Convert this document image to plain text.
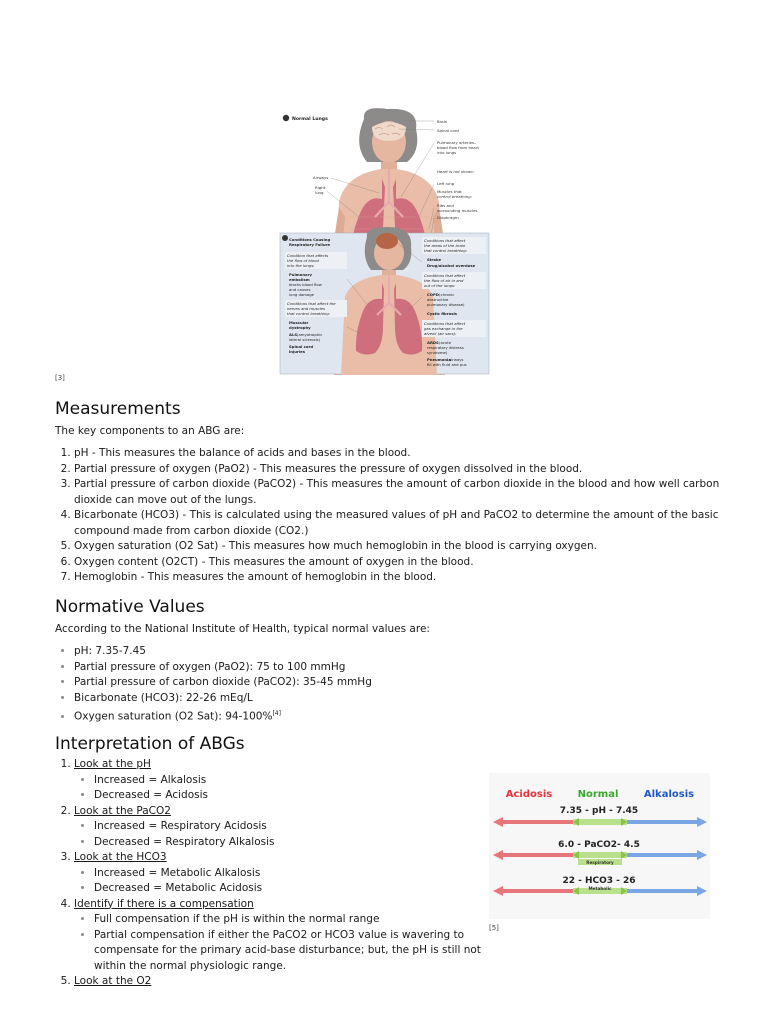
Normal Lungs	Brain
Spinal cord
Pulmonary arteries–
blood flow from heart
into lungs
Heart is not shown
Airways
Right
lung
Left lung
Muscles that
control breathing:
Ribs and
surrounding muscles
Diaphragm
Conditions Causing
Respiratory Failure
Condition that affects
the flow of blood
into the lungs:
Pulmonary
embolism
blocks blood flow
and causes
lung damage
Conditions that affect the
nerves and muscles
that control breathing:
Muscular
dystrophy
ALS (amyotrophic
lateral sclerosis)
Spinal cord
injuries
Conditions that affect
the areas of the brain
that control breathing:
Stroke
Drug/alcohol overdose
Conditions that affect
the flow of air in and
out of the lungs:
COPD (chronic
obstructive
pulmonary disease)
Cystic fibrosis
Conditions that affect
gas exchange in the
alveoli (air sacs):
ARDS (acute
respiratory distress
syndrome)
Pneumonia
–airways
fill with fluid and pus
[3]
Measurements

The key components to an ABG are:

1. pH - This measures the balance of acids and bases in the blood.
2. Partial pressure of oxygen (PaO2) - This measures the pressure of oxygen dissolved in the blood.
3. Partial pressure of carbon dioxide (PaCO2) - This measures the amount of carbon dioxide in the blood and how well carbon dioxide can move out of the lungs.
4. Bicarbonate (HCO3) - This is calculated using the measured values of pH and PaCO2 to determine the amount of the basic compound made from carbon dioxide (CO2.)
5. Oxygen saturation (O2 Sat) - This measures how much hemoglobin in the blood is carrying oxygen.
6. Oxygen content (O2CT) - This measures the amount of oxygen in the blood.
7. Hemoglobin - This measures the amount of hemoglobin in the blood.
Normative Values

According to the National Institute of Health, typical normal values are:

• pH: 7.35-7.45
• Partial pressure of oxygen (PaO2): 75 to 100 mmHg
• Partial pressure of carbon dioxide (PaCO2): 35-45 mmHg
• Bicarbonate (HCO3): 22-26 mEq/L
• Oxygen saturation (O2 Sat): 94-100%[4]
Interpretation of ABGs
1. Look at the pH
• Increased = Alkalosis
• Decreased = Acidosis
2. Look at the PaCO2
• Increased = Respiratory Acidosis
• Decreased = Respiratory Alkalosis
3. Look at the HCO3
• Increased = Metabolic Alkalosis
• Decreased = Metabolic Acidosis
4. Identify if there is a compensation
• Full compensation if the pH is within the normal range
• Partial compensation if either the PaCO2 or HCO3 value is wavering to compensate for the primary acid-base disturbance; but, the pH is still not within the normal physiologic range.
5. Look at the O2
Acidosis	Normal	Alkalosis
7.35 - pH - 7.45
6.0 - PaCO2- 4.5
22 - HCO3 - 26
Respiratory
Metabolic
[5]
